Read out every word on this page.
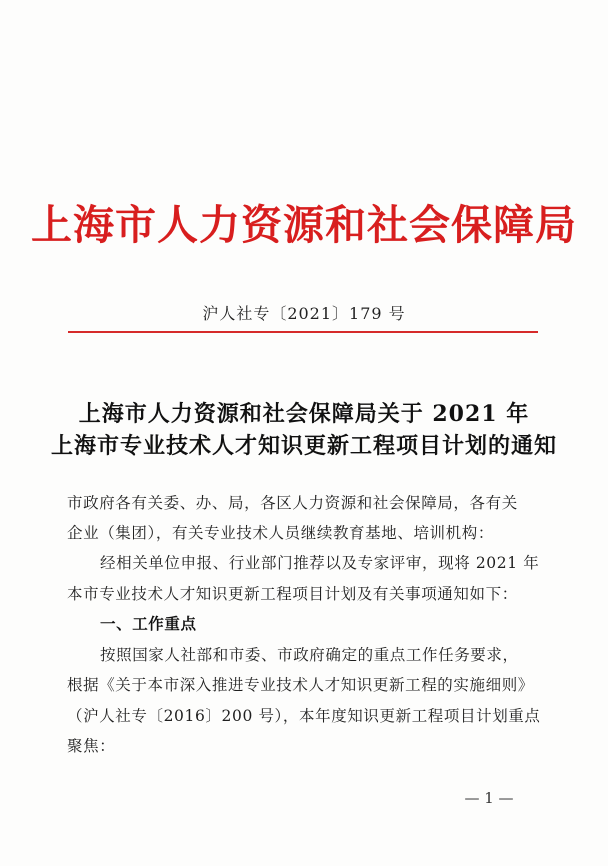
上海市人力资源和社会保障局
沪人社专〔2021〕179 号
上海市人力资源和社会保障局关于 2021 年
上海市专业技术人才知识更新工程项目计划的通知
市政府各有关委、办、局，各区人力资源和社会保障局，各有关
企业（集团），有关专业技术人员继续教育基地、培训机构：
经相关单位申报、行业部门推荐以及专家评审，现将 2021 年
本市专业技术人才知识更新工程项目计划及有关事项通知如下：
一、工作重点
按照国家人社部和市委、市政府确定的重点工作任务要求，
根据《关于本市深入推进专业技术人才知识更新工程的实施细则》
（沪人社专〔2016〕200 号），本年度知识更新工程项目计划重点
聚焦：
— 1 —
